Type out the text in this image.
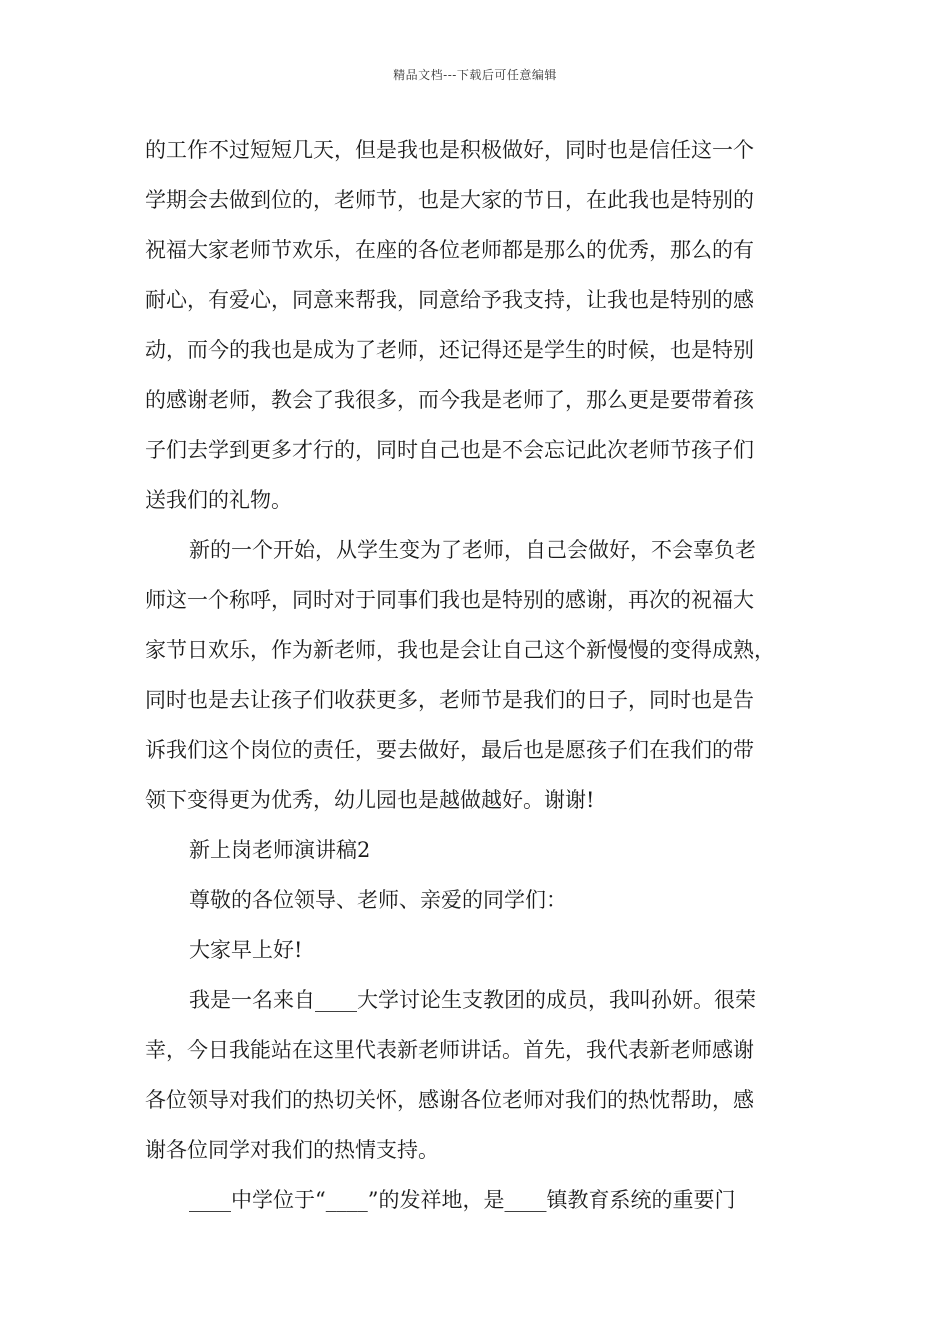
精品文档---下载后可任意编辑
的工作不过短短几天，但是我也是积极做好，同时也是信任这一个
学期会去做到位的，老师节，也是大家的节日，在此我也是特别的
祝福大家老师节欢乐，在座的各位老师都是那么的优秀，那么的有
耐心，有爱心，同意来帮我，同意给予我支持，让我也是特别的感
动，而今的我也是成为了老师，还记得还是学生的时候，也是特别
的感谢老师，教会了我很多，而今我是老师了，那么更是要带着孩
子们去学到更多才行的，同时自己也是不会忘记此次老师节孩子们
送我们的礼物。
新的一个开始，从学生变为了老师，自己会做好，不会辜负老
师这一个称呼，同时对于同事们我也是特别的感谢，再次的祝福大
家节日欢乐，作为新老师，我也是会让自己这个新慢慢的变得成熟，
同时也是去让孩子们收获更多，老师节是我们的日子，同时也是告
诉我们这个岗位的责任，要去做好，最后也是愿孩子们在我们的带
领下变得更为优秀，幼儿园也是越做越好。谢谢!
新上岗老师演讲稿2
尊敬的各位领导、老师、亲爱的同学们：
大家早上好!
我是一名来自____大学讨论生支教团的成员，我叫孙妍。很荣
幸，今日我能站在这里代表新老师讲话。首先，我代表新老师感谢
各位领导对我们的热切关怀，感谢各位老师对我们的热忱帮助，感
谢各位同学对我们的热情支持。
____中学位于“____”的发祥地，是____镇教育系统的重要门
